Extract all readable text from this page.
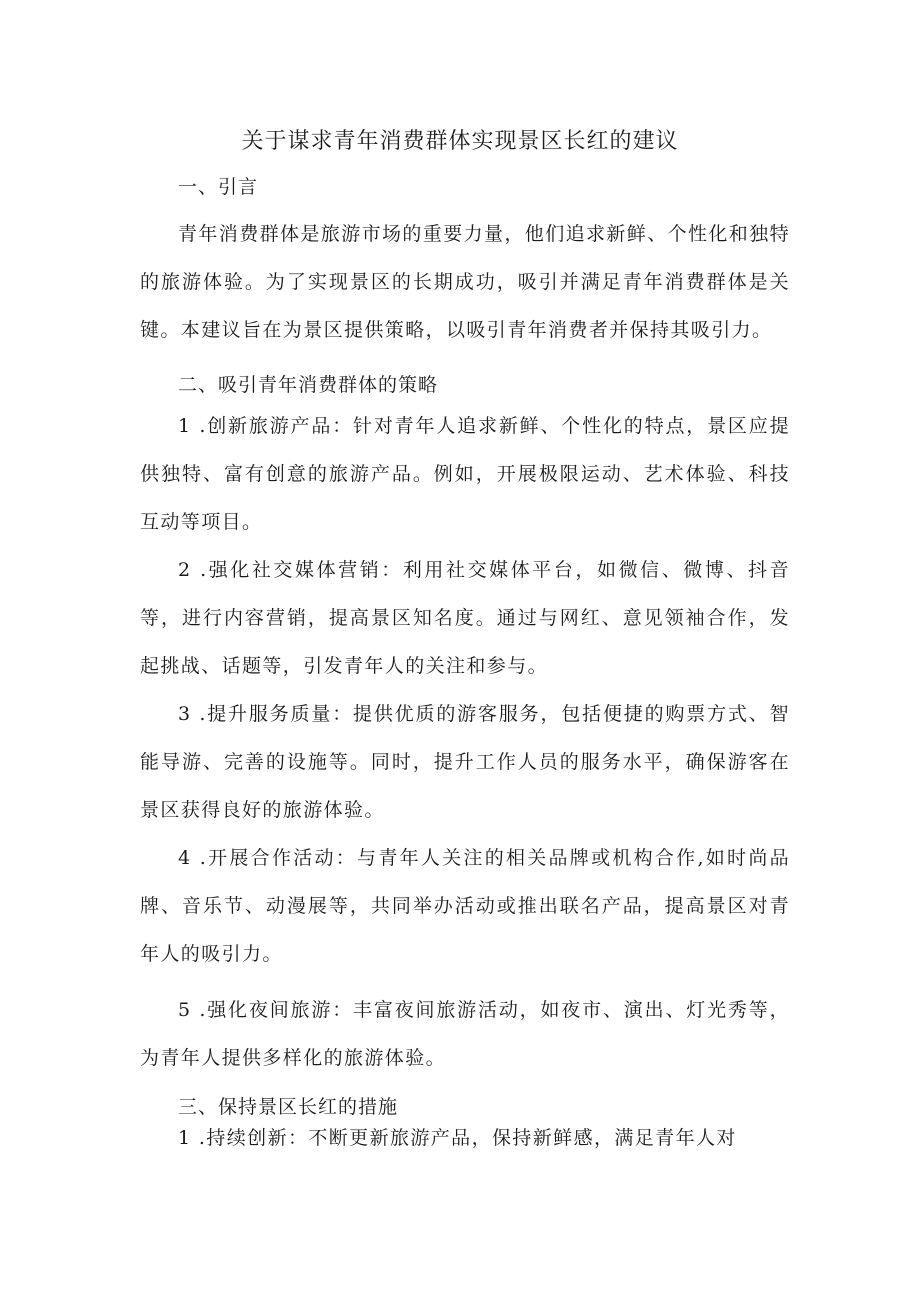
关于谋求青年消费群体实现景区长红的建议
一、引言

青年消费群体是旅游市场的重要力量，他们追求新鲜、个性化和独特的旅游体验。为了实现景区的长期成功，吸引并满足青年消费群体是关键。本建议旨在为景区提供策略，以吸引青年消费者并保持其吸引力。

二、吸引青年消费群体的策略

1 .创新旅游产品：针对青年人追求新鲜、个性化的特点，景区应提供独特、富有创意的旅游产品。例如，开展极限运动、艺术体验、科技互动等项目。

2 .强化社交媒体营销：利用社交媒体平台，如微信、微博、抖音等，进行内容营销，提高景区知名度。通过与网红、意见领袖合作，发起挑战、话题等，引发青年人的关注和参与。

3 .提升服务质量：提供优质的游客服务，包括便捷的购票方式、智能导游、完善的设施等。同时，提升工作人员的服务水平，确保游客在景区获得良好的旅游体验。

4 .开展合作活动：与青年人关注的相关品牌或机构合作,如时尚品牌、音乐节、动漫展等，共同举办活动或推出联名产品，提高景区对青年人的吸引力。

5 .强化夜间旅游：丰富夜间旅游活动，如夜市、演出、灯光秀等，为青年人提供多样化的旅游体验。

三、保持景区长红的措施

1 .持续创新：不断更新旅游产品，保持新鲜感，满足青年人对
